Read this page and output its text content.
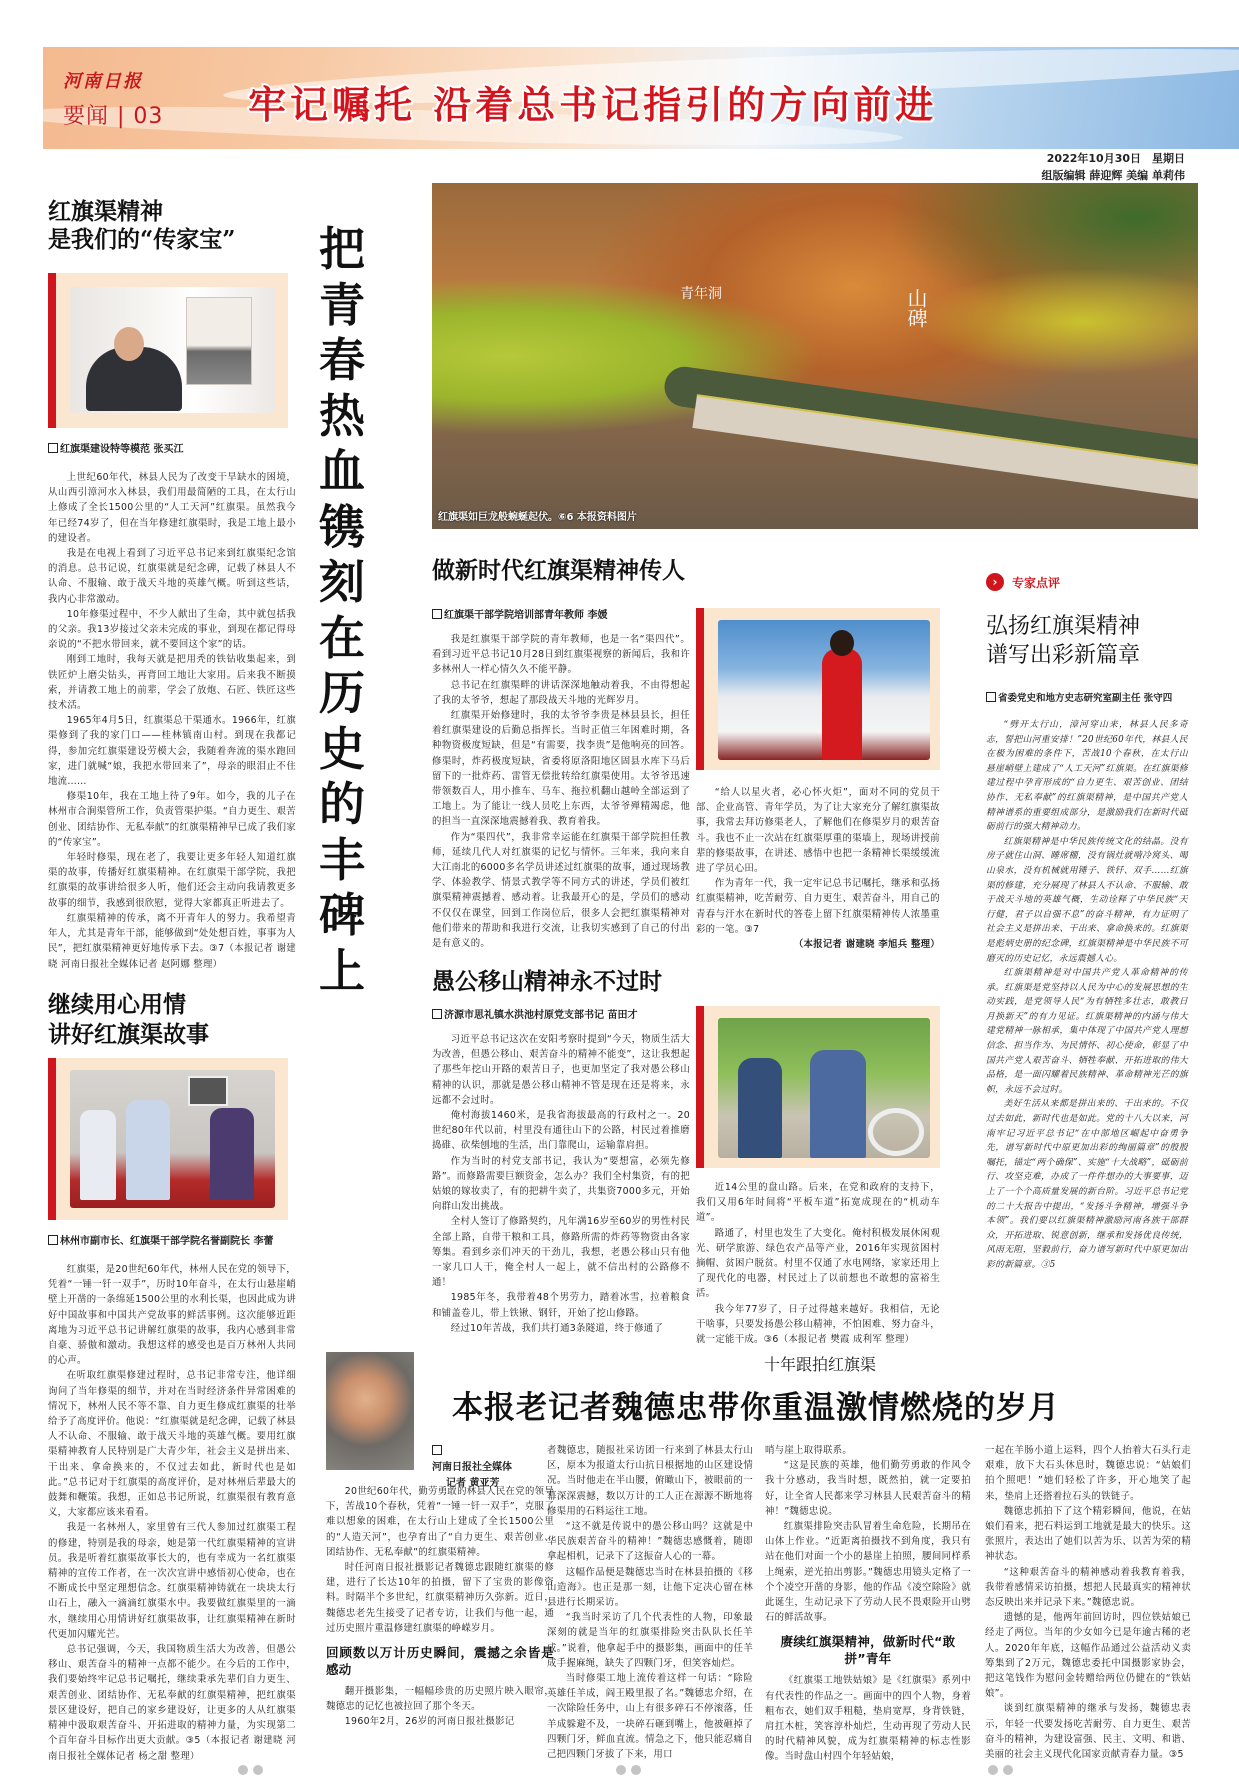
河南日报
要闻 | 03 牢记嘱托 沿着总书记指引的方向前进
2022年10月30日　星期日
组版编辑 薛迎辉 美编 单莉伟
红旗渠精神
是我们的“传家宝”
红旗渠建设特等模范 张买江

上世纪60年代，林县人民为了改变干旱缺水的困境，从山西引漳河水入林县，我们用最简陋的工具，在太行山上修成了全长1500公里的“人工天河”红旗渠。虽然我今年已经74岁了，但在当年修建红旗渠时，我是工地上最小的建设者。

我是在电视上看到了习近平总书记来到红旗渠纪念馆的消息。总书记说，红旗渠就是纪念碑，记载了林县人不认命、不服输、敢于战天斗地的英雄气概。听到这些话，我内心非常激动。

10年修渠过程中，不少人献出了生命，其中就包括我的父亲。我13岁接过父亲未完成的事业，到现在都记得母亲说的“不把水带回来，就不要回这个家”的话。

刚到工地时，我每天就是把用秃的铁钻收集起来，到铁匠炉上磨尖钻头，再背回工地让大家用。后来我不断摸索，并请教工地上的前辈，学会了放炮、石匠、铁匠这些技术活。

1965年4月5日，红旗渠总干渠通水。1966年，红旗渠修到了我的家门口——桂林镇南山村。到现在我都记得，参加完红旗渠建设劳模大会，我随着奔流的渠水跑回家，进门就喊“娘，我把水带回来了”，母亲的眼泪止不住地流……

修渠10年，我在工地上待了9年。如今，我的儿子在林州市合涧渠管所工作，负责管渠护渠。“自力更生、艰苦创业、团结协作、无私奉献”的红旗渠精神早已成了我们家的“传家宝”。

年轻时修渠，现在老了，我要让更多年轻人知道红旗渠的故事，传播好红旗渠精神。在红旗渠干部学院，我把红旗渠的故事讲给很多人听，他们还会主动向我请教更多故事的细节，我感到很欣慰，觉得大家都真正听进去了。

红旗渠精神的传承，离不开青年人的努力。我希望青年人，尤其是青年干部，能够做到“处处想百姓，事事为人民”，把红旗渠精神更好地传承下去。③7（本报记者 谢建晓 河南日报社全媒体记者 赵阿娜 整理）

继续用心用情
讲好红旗渠故事
林州市副市长、红旗渠干部学院名誉副院长 李蕾

红旗渠，是20世纪60年代，林州人民在党的领导下，凭着“一锤一钎一双手”，历时10年奋斗，在太行山悬崖峭壁上开凿的一条绵延1500公里的水利长渠，也因此成为讲好中国故事和中国共产党故事的鲜活事例。这次能够近距离地为习近平总书记讲解红旗渠的故事，我内心感到非常自豪、骄傲和激动。我想这样的感受也是百万林州人共同的心声。

在听取红旗渠修建过程时，总书记非常专注，他详细询问了当年修渠的细节，并对在当时经济条件异常困难的情况下，林州人民不等不靠、自力更生修成红旗渠的壮举给予了高度评价。他说：“红旗渠就是纪念碑，记载了林县人不认命、不服输、敢于战天斗地的英雄气概。要用红旗渠精神教育人民特别是广大青少年，社会主义是拼出来、干出来、拿命换来的，不仅过去如此，新时代也是如此。”总书记对于红旗渠的高度评价，是对林州后辈最大的鼓舞和鞭策。我想，正如总书记所说，红旗渠很有教育意义，大家都应该来看看。

我是一名林州人，家里曾有三代人参加过红旗渠工程的修建，特别是我的母亲，她是第一代红旗渠精神的宣讲员。我是听着红旗渠故事长大的，也有幸成为一名红旗渠精神的宣传工作者，在一次次宣讲中感悟初心使命，也在不断成长中坚定理想信念。红旗渠精神铸就在一块块太行山石上，融入一滴滴红旗渠水中。我要做红旗渠里的一滴水，继续用心用情讲好红旗渠故事，让红旗渠精神在新时代更加闪耀光芒。

总书记强调，今天，我国物质生活大为改善，但愚公移山、艰苦奋斗的精神一点都不能少。在今后的工作中，我们要始终牢记总书记嘱托，继续秉承先辈们自力更生、艰苦创业、团结协作、无私奉献的红旗渠精神，把红旗渠景区建设好，把自己的家乡建设好，让更多的人从红旗渠精神中汲取艰苦奋斗、开拓进取的精神力量，为实现第二个百年奋斗目标作出更大贡献。③5（本报记者 谢建晓 河南日报社全媒体记者 杨之甜 整理）

把
青
春
热
血
镌
刻
在
历
史
的
丰
碑
上
青年洞	山碑
红旗渠如巨龙般蜿蜒起伏。⑥6 本报资料图片
做新时代红旗渠精神传人
红旗渠干部学院培训部青年教师 李媛

我是红旗渠干部学院的青年教师，也是一名“渠四代”。看到习近平总书记10月28日到红旗渠视察的新闻后，我和许多林州人一样心情久久不能平静。

总书记在红旗渠畔的讲话深深地触动着我，不由得想起了我的太爷爷，想起了那段战天斗地的光辉岁月。

红旗渠开始修建时，我的太爷爷李贵是林县县长，担任着红旗渠建设的后勤总指挥长。当时正值三年困难时期，各种物资极度短缺，但是“有需要，找李贵”是他响亮的回答。修渠时，炸药极度短缺，省委将原洛阳地区固县水库下马后留下的一批炸药、雷管无偿批转给红旗渠使用。太爷爷迅速带领数百人，用小推车、马车、拖拉机翻山越岭全部运到了工地上。为了能让一线人员吃上东西，太爷爷殚精竭虑，他的担当一直深深地震撼着我、教育着我。

作为“渠四代”，我非常幸运能在红旗渠干部学院担任教师，延续几代人对红旗渠的记忆与情怀。三年来，我向来自大江南北的6000多名学员讲述过红旗渠的故事，通过现场教学、体验教学、情景式教学等不同方式的讲述，学员们被红旗渠精神震撼着、感动着。让我最开心的是，学员们的感动不仅仅在课堂，回到工作岗位后，很多人会把红旗渠精神对他们带来的帮助和我进行交流，让我切实感到了自己的付出是有意义的。

“给人以星火者，必心怀火炬”，面对不同的党员干部、企业高管、青年学员，为了让大家充分了解红旗渠故事，我常去拜访修渠老人，了解他们在修渠岁月的艰苦奋斗。我也不止一次站在红旗渠厚重的渠墙上，现场讲授前辈的修渠故事，在讲述、感悟中也把一条精神长渠缓缓流进了学员心田。

作为青年一代，我一定牢记总书记嘱托，继承和弘扬红旗渠精神，吃苦耐劳、自力更生、艰苦奋斗，用自己的青春与汗水在新时代的答卷上留下红旗渠精神传人浓墨重彩的一笔。③7

（本报记者 谢建晓 李旭兵 整理）
愚公移山精神永不过时
济源市思礼镇水洪池村原党支部书记 苗田才

习近平总书记这次在安阳考察时提到“今天，物质生活大为改善，但愚公移山、艰苦奋斗的精神不能变”，这让我想起了那些年挖山开路的艰苦日子，也更加坚定了我对愚公移山精神的认识，那就是愚公移山精神不管是现在还是将来，永远都不会过时。

俺村海拔1460米，是我省海拔最高的行政村之一。20世纪80年代以前，村里没有通往山下的公路，村民过着推磨捣碓、砍柴刨地的生活，出门靠爬山，运输靠肩担。

作为当时的村党支部书记，我认为“要想富，必须先修路”。而修路需要巨额资金，怎么办？我们全村集资，有的把姑娘的嫁妆卖了，有的把耕牛卖了，共集资7000多元，开始向群山发出挑战。

全村人签订了修路契约，凡年满16岁至60岁的男性村民全部上路，自带干粮和工具，修路所需的炸药等物资由各家筹集。看到乡亲们冲天的干劲儿，我想，老愚公移山只有他一家几口人干，俺全村人一起上，就不信出村的公路修不通！

1985年冬，我带着48个男劳力，踏着冰雪，拉着粮食和铺盖卷儿，带上铁锹、钢钎，开始了挖山修路。

经过10年苦战，我们共打通3条隧道，终于修通了

近14公里的盘山路。后来，在党和政府的支持下，我们又用6年时间将“平板车道”拓宽成现在的“机动车道”。

路通了，村里也发生了大变化。俺村积极发展休闲观光、研学旅游、绿色农产品等产业，2016年实现贫困村摘帽、贫困户脱贫。村里不仅通了水电网络，家家还用上了现代化的电器，村民过上了以前想也不敢想的富裕生活。

我今年77岁了，日子过得越来越好。我相信，无论干啥事，只要发扬愚公移山精神，不怕困难、努力奋斗，就一定能干成。③6（本报记者 樊霞 成利军 整理）

›	专家点评
弘扬红旗渠精神
谱写出彩新篇章
省委党史和地方史志研究室副主任 张守四

“劈开太行山，漳河穿山来，林县人民多奇志，誓把山河重安排！”20世纪60年代，林县人民在极为困难的条件下，苦战10个春秋，在太行山悬崖峭壁上建成了“人工天河”红旗渠。在红旗渠修建过程中孕育形成的“自力更生、艰苦创业、团结协作、无私奉献”的红旗渠精神，是中国共产党人精神谱系的重要组成部分，是激励我们在新时代砥砺前行的强大精神动力。

红旗渠精神是中华民族传统文化的结晶。没有房子就住山洞、睡席棚，没有锅灶就啃冷窝头、喝山泉水，没有机械就用锤子、铁钎、双手……红旗渠的修建，充分展现了林县人不认命、不服输、敢于战天斗地的英雄气概，生动诠释了中华民族“天行健，君子以自强不息”的奋斗精神，有力证明了社会主义是拼出来、干出来、拿命换来的。红旗渠是彪炳史册的纪念碑，红旗渠精神是中华民族不可磨灭的历史记忆，永远震撼人心。

红旗渠精神是对中国共产党人革命精神的传承。红旗渠是党坚持以人民为中心的发展思想的生动实践，是党领导人民“为有牺牲多壮志，敢教日月换新天”的有力见证。红旗渠精神的内涵与伟大建党精神一脉相承，集中体现了中国共产党人理想信念、担当作为、为民情怀、初心使命，彰显了中国共产党人艰苦奋斗、牺牲奉献、开拓进取的伟大品格，是一面闪耀着民族精神、革命精神光芒的旗帜，永远不会过时。

美好生活从来都是拼出来的、干出来的。不仅过去如此，新时代也是如此。党的十八大以来，河南牢记习近平总书记“在中部地区崛起中奋勇争先，谱写新时代中原更加出彩的绚丽篇章”的殷殷嘱托，锚定“两个确保”、实施“十大战略”，砥砺前行、攻坚克难，办成了一件件想办的大事要事，迈上了一个个高质量发展的新台阶。习近平总书记党的二十大报告中提出，“发扬斗争精神，增强斗争本领”。我们要以红旗渠精神激励河南各族干部群众，开拓进取、锐意创新，继承和发扬优良传统，风雨无阻，坚毅前行，奋力谱写新时代中原更加出彩的新篇章。③5

十年跟拍红旗渠
本报老记者魏德忠带你重温激情燃烧的岁月
河南日报社全媒体
记者 黄亚芳

20世纪60年代，勤劳勇敢的林县人民在党的领导下，苦战10个春秋，凭着“一锤一钎一双手”，克服了难以想象的困难，在太行山上建成了全长1500公里的“人造天河”，也孕育出了“自力更生、艰苦创业、团结协作、无私奉献”的红旗渠精神。

时任河南日报社摄影记者魏德忠跟随红旗渠的修建，进行了长达10年的拍摄，留下了宝贵的影像资料。时隔半个多世纪，红旗渠精神历久弥新。近日，魏德忠老先生接受了记者专访，让我们与他一起，通过历史照片重温修建红旗渠的峥嵘岁月。

回顾数以万计历史瞬间，震撼之余皆是感动

翻开摄影集，一幅幅珍贵的历史照片映入眼帘，魏德忠的记忆也被拉回了那个冬天。

1960年2月，26岁的河南日报社摄影记

者魏德忠，随报社采访团一行来到了林县太行山区，原本为报道太行山抗日根据地的山区建设情况。当时他走在半山腰，俯瞰山下，被眼前的一幕深深震撼，数以万计的工人正在源源不断地将修渠用的石料运往工地。

“这不就是传说中的愚公移山吗？这就是中华民族艰苦奋斗的精神！”魏德忠感慨着，随即拿起相机，记录下了这振奋人心的一幕。

这幅作品便是魏德忠当时在林县拍摄的《移山造海》。也正是那一刻，让他下定决心留在林县进行长期采访。

“我当时采访了几个代表性的人物，印象最深刻的就是当年的红旗渠排险突击队队长任羊成。”说着，他拿起手中的摄影集，画面中的任羊成手握麻绳，缺失了四颗门牙，但笑容灿烂。

当时修渠工地上流传着这样一句话：“除险英雄任羊成，阎王殿里报了名。”魏德忠介绍，在一次除险任务中，山上有很多碎石不停滚落，任羊成躲避不及，一块碎石砸到嘴上，他被砸掉了四颗门牙，鲜血直流。情急之下，他只能忍痛自己把四颗门牙拔了下来，用口

哨与崖上取得联系。

“这是民族的英雄，他们勤劳勇敢的作风令我十分感动，我当时想，既然拍，就一定要拍好，让全省人民都来学习林县人民艰苦奋斗的精神！”魏德忠说。

红旗渠排险突击队冒着生命危险，长期吊在山体上作业。“近距离拍摄找不到角度，我只有站在他们对面一个小的悬崖上拍照，腰间同样系上绳索，逆光拍出剪影。”魏德忠用镜头定格了一个个凌空开凿的身影，他的作品《凌空除险》就此诞生，生动记录下了劳动人民不畏艰险开山劈石的鲜活故事。

赓续红旗渠精神，做新时代“敢拼”青年

《红旗渠工地铁姑娘》是《红旗渠》系列中有代表性的作品之一。画面中的四个人物，身着粗布衣，她们双手粗糙，垫肩宽厚，身背铁链，肩扛木桩，笑容淳朴灿烂，生动再现了劳动人民的时代精神风貌，成为红旗渠精神的标志性影像。当时盘山村四个年轻姑娘，

一起在羊肠小道上运料，四个人抬着大石头行走艰难，放下大石头休息时，魏德忠说：“姑娘们拍个照吧！”她们轻松了许多，开心地笑了起来，垫肩上还搭着拉石头的铁链子。

魏德忠抓拍下了这个精彩瞬间，他说，在姑娘们看来，把石料运到工地就是最大的快乐。这张照片，表达出了她们以苦为乐、以苦为荣的精神状态。

“这种艰苦奋斗的精神感动着我教育着我，我带着感情采访拍摄，想把人民最真实的精神状态反映出来并记录下来。”魏德忠说。

遗憾的是，他两年前回访时，四位铁姑娘已经走了两位。当年的少女如今已是年逾古稀的老人。2020年年底，这幅作品通过公益活动义卖筹集到了2万元，魏德忠委托中国摄影家协会，把这笔钱作为慰问金转赠给两位仍健在的“铁姑娘”。

谈到红旗渠精神的继承与发扬，魏德忠表示，年轻一代要发扬吃苦耐劳、自力更生、艰苦奋斗的精神，为建设富强、民主、文明、和谐、美丽的社会主义现代化国家贡献青春力量。③5
